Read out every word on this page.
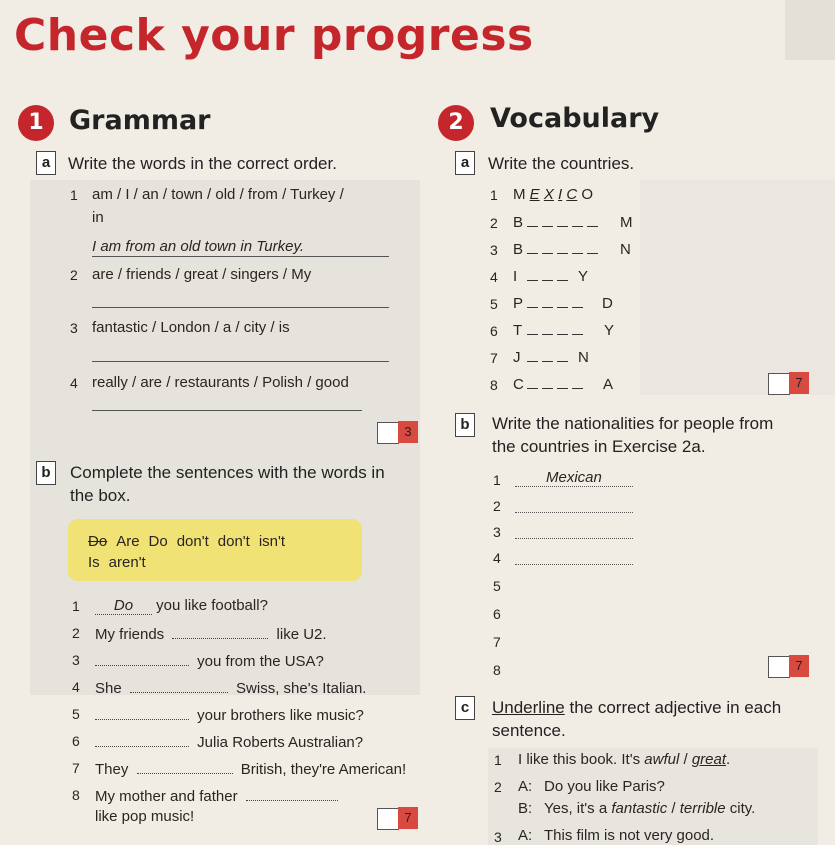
Check your progress
1 Grammar
a	Write the words in the correct order.
1 am / I / an / town / old / from / Turkey /
in
I am from an old town in Turkey.
2 are / friends / great / singers / My
3 fantastic / London / a / city / is
4 really / are / restaurants / Polish / good
3
b	Complete the sentences with the words in
the box.
Do Are Do don't don't isn't
Is aren't
1	Do you like football?
2 My friends	like U2.
3	you from the USA?
4 She	Swiss, she's Italian.
5	your brothers like music?
6	Julia Roberts Australian?
7 They	British, they're American!
8 My mother and father
like pop music!	7
2 Vocabulary
a	Write the countries.
1 M E X I C O
2 B	M
3 B	N
4 I	Y
5 P	D
6 T	Y
7 J	N
8 C	A	7
b	Write the nationalities for people from
the countries in Exercise 2a.
1	Mexican
2
3
4
5
6
7
8	7
c	Underline the correct adjective in each
sentence.
1 I like this book. It's awful / great.
2 A: Do you like Paris?
B: Yes, it's a fantastic / terrible city.
3 A: This film is not very good.
